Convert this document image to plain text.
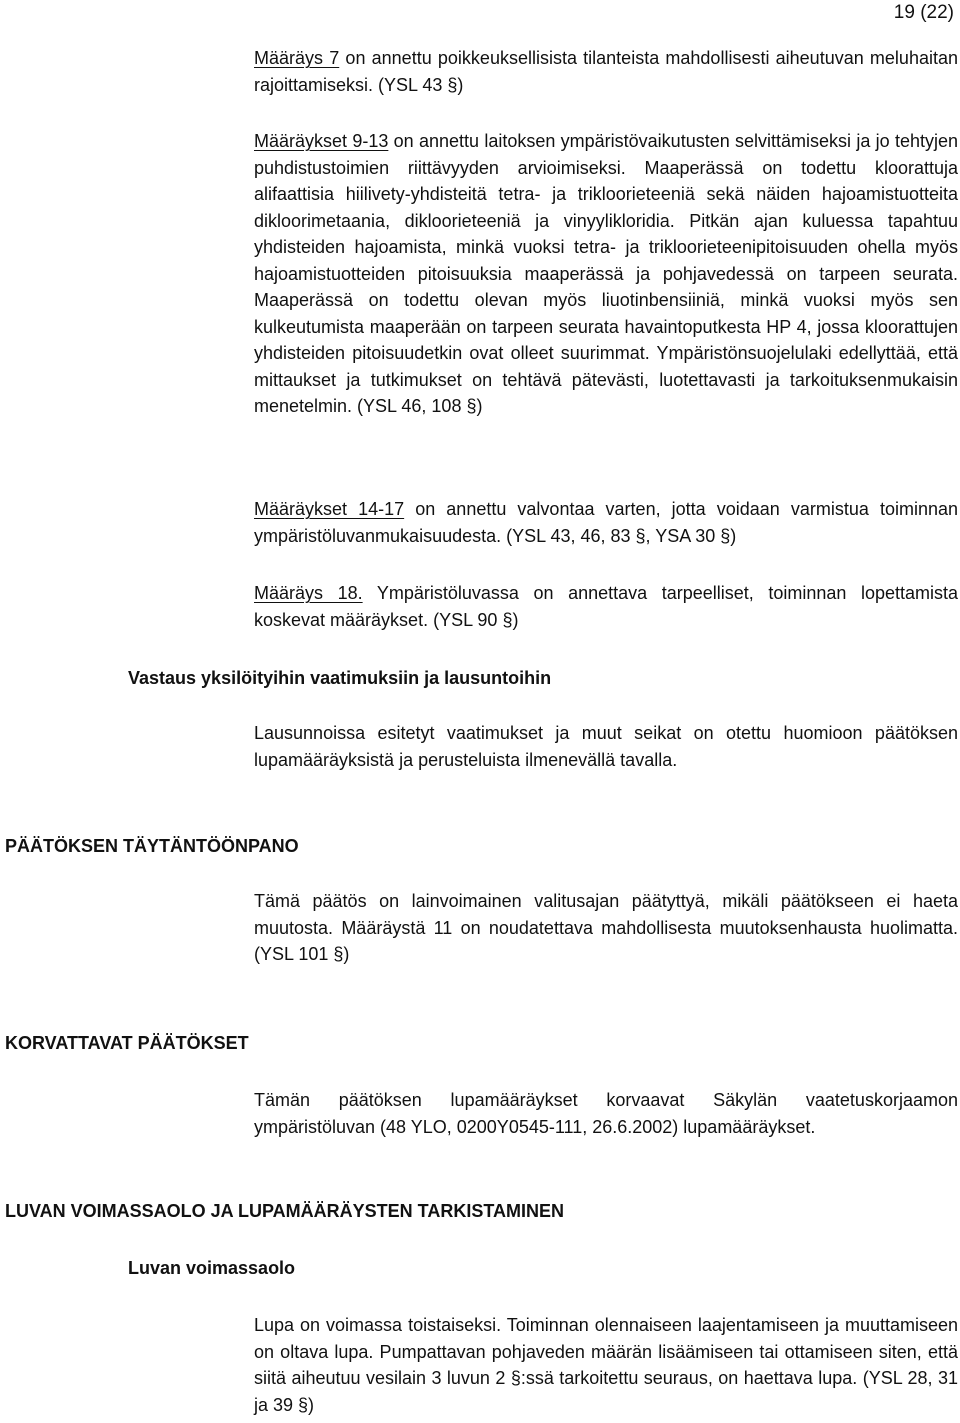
19 (22)
Määräys 7 on annettu poikkeuksellisista tilanteista mahdollisesti aiheutuvan meluhaitan rajoittamiseksi. (YSL 43 §)
Määräykset 9-13 on annettu laitoksen ympäristövaikutusten selvittämiseksi ja jo tehtyjen puhdistustoimien riittävyyden arvioimiseksi. Maaperässä on todettu kloorattuja alifaattisia hiilivety-yhdisteitä tetra- ja trikloorieteeniä sekä näiden hajoamistuotteita dikloorimetaania, dikloorieteeniä ja vinyylikloridia. Pitkän ajan kuluessa tapahtuu yhdisteiden hajoamista, minkä vuoksi tetra- ja trikloorieteenipitoisuuden ohella myös hajoamistuotteiden pitoisuuksia maaperässä ja pohjavedessä on tarpeen seurata. Maaperässä on todettu olevan myös liuotinbensiiniä, minkä vuoksi myös sen kulkeutumista maaperään on tarpeen seurata havaintoputkesta HP 4, jossa kloorattujen yhdisteiden pitoisuudetkin ovat olleet suurimmat. Ympäristönsuojelulaki edellyttää, että mittaukset ja tutkimukset on tehtävä pätevästi, luotettavasti ja tarkoituksenmukaisin menetelmin. (YSL 46, 108 §)
Määräykset 14-17 on annettu valvontaa varten, jotta voidaan varmistua toiminnan ympäristöluvanmukaisuudesta. (YSL 43, 46, 83 §, YSA 30 §)
Määräys 18. Ympäristöluvassa on annettava tarpeelliset, toiminnan lopettamista koskevat määräykset. (YSL 90 §)
Vastaus yksilöityihin vaatimuksiin ja lausuntoihin
Lausunnoissa esitetyt vaatimukset ja muut seikat on otettu huomioon päätöksen lupamääräyksistä ja perusteluista ilmenevällä tavalla.
PÄÄTÖKSEN TÄYTÄNTÖÖNPANO
Tämä päätös on lainvoimainen valitusajan päätyttyä, mikäli päätökseen ei haeta muutosta. Määräystä 11 on noudatettava mahdollisesta muutoksenhausta huolimatta. (YSL 101 §)
KORVATTAVAT PÄÄTÖKSET
Tämän päätöksen lupamääräykset korvaavat Säkylän vaatetuskorjaamon ympäristöluvan (48 YLO, 0200Y0545-111, 26.6.2002) lupamääräykset.
LUVAN VOIMASSAOLO JA LUPAMÄÄRÄYSTEN TARKISTAMINEN
Luvan voimassaolo
Lupa on voimassa toistaiseksi. Toiminnan olennaiseen laajentamiseen ja muuttamiseen on oltava lupa. Pumpattavan pohjaveden määrän lisäämiseen tai ottamiseen siten, että siitä aiheutuu vesilain 3 luvun 2 §:ssä tarkoitettu seuraus, on haettava lupa. (YSL 28, 31 ja 39 §)
